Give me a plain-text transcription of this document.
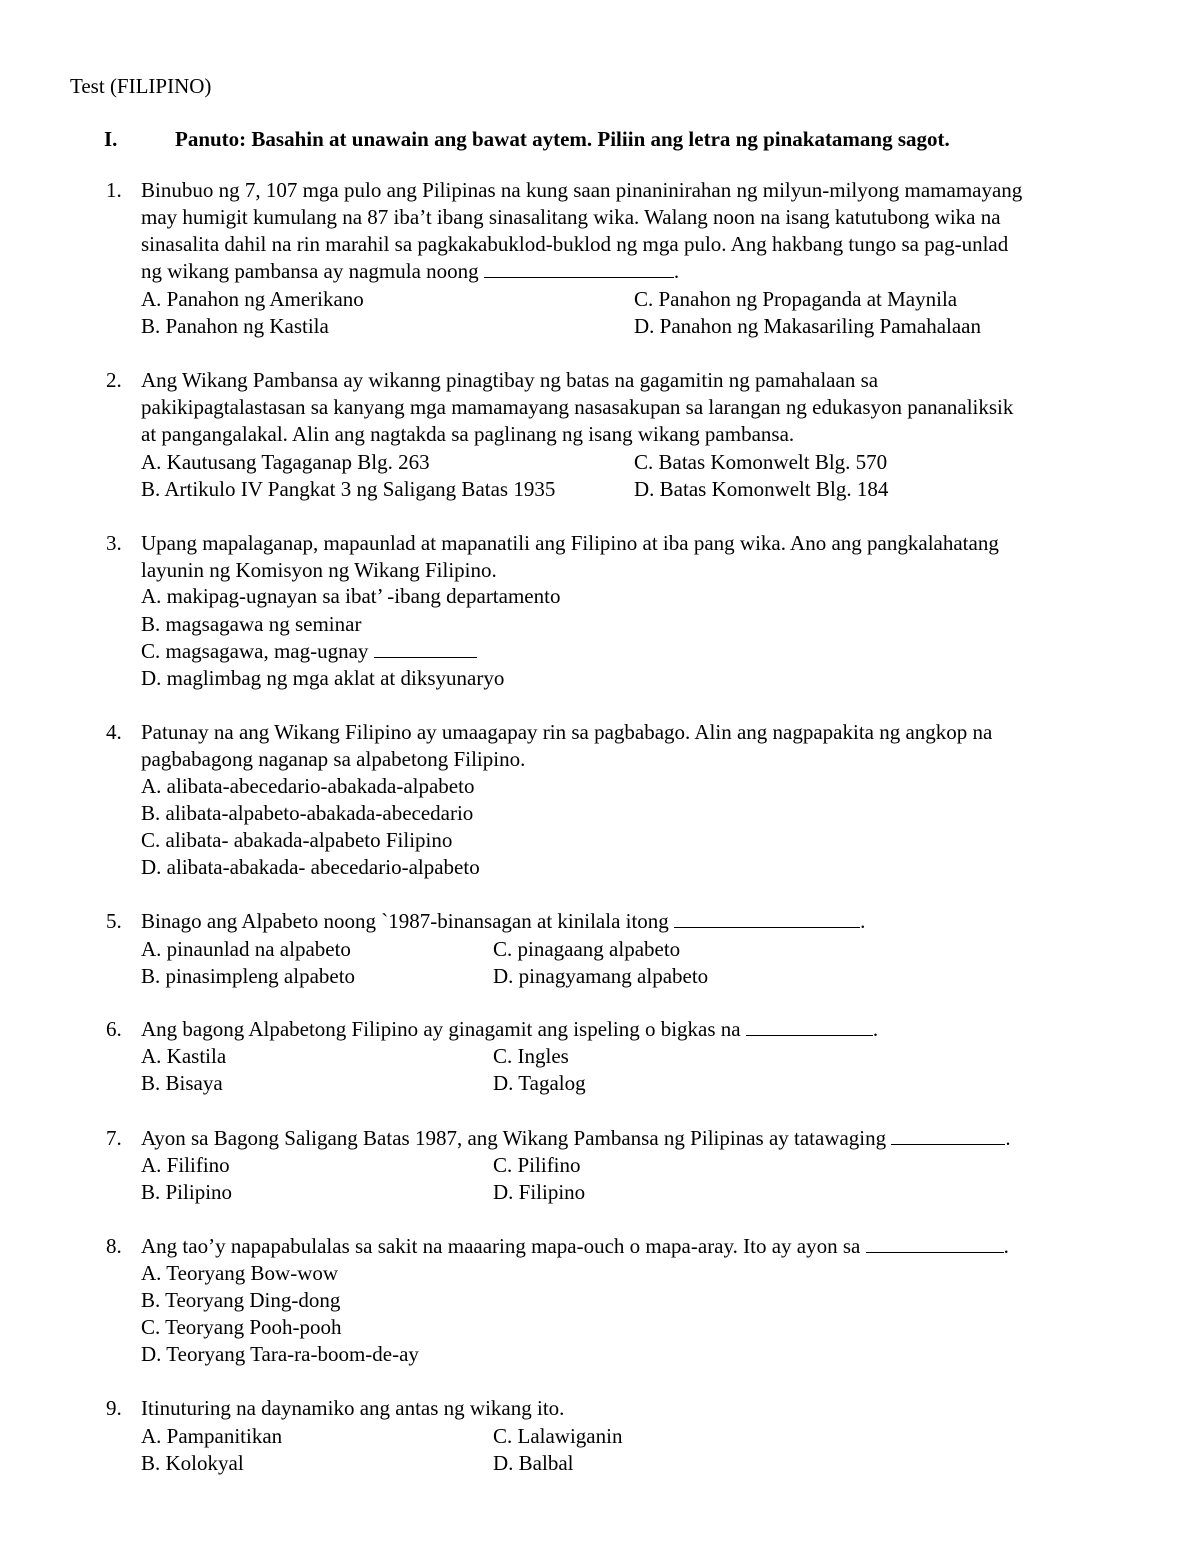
Test (FILIPINO)
I.	Panuto: Basahin at unawain ang bawat aytem. Piliin ang letra ng pinakatamang sagot.
1. Binubuo ng 7, 107 mga pulo ang Pilipinas na kung saan pinaninirahan ng milyun-milyong mamamayang
may humigit kumulang na 87 iba’t ibang sinasalitang wika. Walang noon na isang katutubong wika na
sinasalita dahil na rin marahil sa pagkakabuklod-buklod ng mga pulo. Ang hakbang tungo sa pag-unlad
ng wikang pambansa ay nagmula noong	.
A. Panahon ng Amerikano	C. Panahon ng Propaganda at Maynila
B. Panahon ng Kastila	D. Panahon ng Makasariling Pamahalaan
2. Ang Wikang Pambansa ay wikanng pinagtibay ng batas na gagamitin ng pamahalaan sa
pakikipagtalastasan sa kanyang mga mamamayang nasasakupan sa larangan ng edukasyon pananaliksik
at pangangalakal. Alin ang nagtakda sa paglinang ng isang wikang pambansa.
A. Kautusang Tagaganap Blg. 263	C. Batas Komonwelt Blg. 570
B. Artikulo IV Pangkat 3 ng Saligang Batas 1935	D. Batas Komonwelt Blg. 184
3. Upang mapalaganap, mapaunlad at mapanatili ang Filipino at iba pang wika. Ano ang pangkalahatang
layunin ng Komisyon ng Wikang Filipino.
A. makipag-ugnayan sa ibat’ -ibang departamento
B. magsagawa ng seminar
C. magsagawa, mag-ugnay
D. maglimbag ng mga aklat at diksyunaryo
4. Patunay na ang Wikang Filipino ay umaagapay rin sa pagbabago. Alin ang nagpapakita ng angkop na
pagbabagong naganap sa alpabetong Filipino.
A. alibata-abecedario-abakada-alpabeto
B. alibata-alpabeto-abakada-abecedario
C. alibata- abakada-alpabeto Filipino
D. alibata-abakada- abecedario-alpabeto
5. Binago ang Alpabeto noong `1987-binansagan at kinilala itong	.
A. pinaunlad na alpabeto	C. pinagaang alpabeto
B. pinasimpleng alpabeto	D. pinagyamang alpabeto
6. Ang bagong Alpabetong Filipino ay ginagamit ang ispeling o bigkas na	.
A. Kastila	C. Ingles
B. Bisaya	D. Tagalog
7. Ayon sa Bagong Saligang Batas 1987, ang Wikang Pambansa ng Pilipinas ay tatawaging	.
A. Filifino	C. Pilifino
B. Pilipino	D. Filipino
8. Ang tao’y napapabulalas sa sakit na maaaring mapa-ouch o mapa-aray. Ito ay ayon sa	.
A. Teoryang Bow-wow
B. Teoryang Ding-dong
C. Teoryang Pooh-pooh
D. Teoryang Tara-ra-boom-de-ay
9. Itinuturing na daynamiko ang antas ng wikang ito.
A. Pampanitikan	C. Lalawiganin
B. Kolokyal	D. Balbal
